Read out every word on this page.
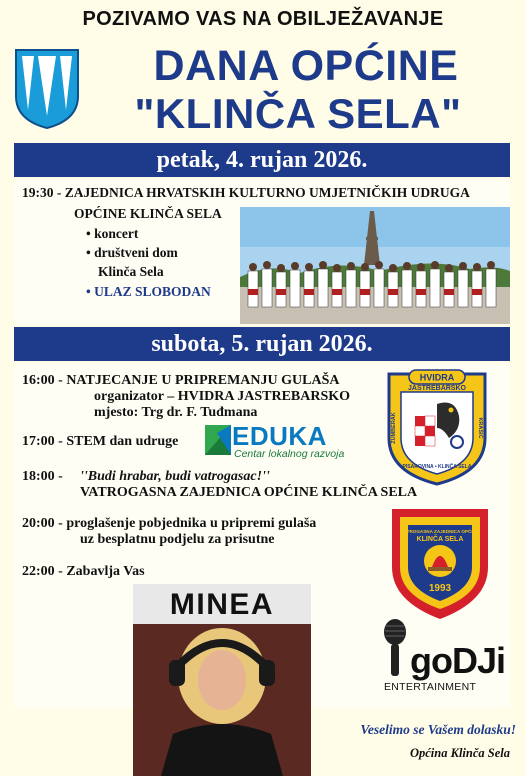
POZIVAMO VAS NA OBILJEŽAVANJE
DANA OPĆINE
"KLINČA SELA"
petak, 4. rujan 2026.
19:30 - ZAJEDNICA HRVATSKIH KULTURNO UMJETNIČKIH UDRUGA
OPĆINE KLINČA SELA
• koncert
• društveni dom
Klinča Sela
• ULAZ SLOBODAN
subota, 5. rujan 2026.
16:00 - NATJECANJE U PRIPREMANJU GULAŠA
organizator – HVIDRA JASTREBARSKO
mjesto: Trg dr. F. Tuđmana
17:00 - STEM dan udruge
18:00 - ''Budi hrabar, budi vatrogasac!''
VATROGASNA ZAJEDNICA OPĆINE KLINČA SELA
20:00 - proglašenje pobjednika u pripremi gulaša
uz besplatnu podjelu za prisutne
22:00 - Zabavlja Vas
HVIDRA
JASTREBARSKO
ŽUMBERAK	KRAŠIĆ
PISAROVINA • KLINČA SELA
EDUKA
Centar lokalnog razvoja
VATROGASNA ZAJEDNICA OPĆINE
KLINČA SELA
1993
MINEA
goDJi
ENTERTAINMENT
Veselimo se Vašem dolasku!
Općina Klinča Sela
